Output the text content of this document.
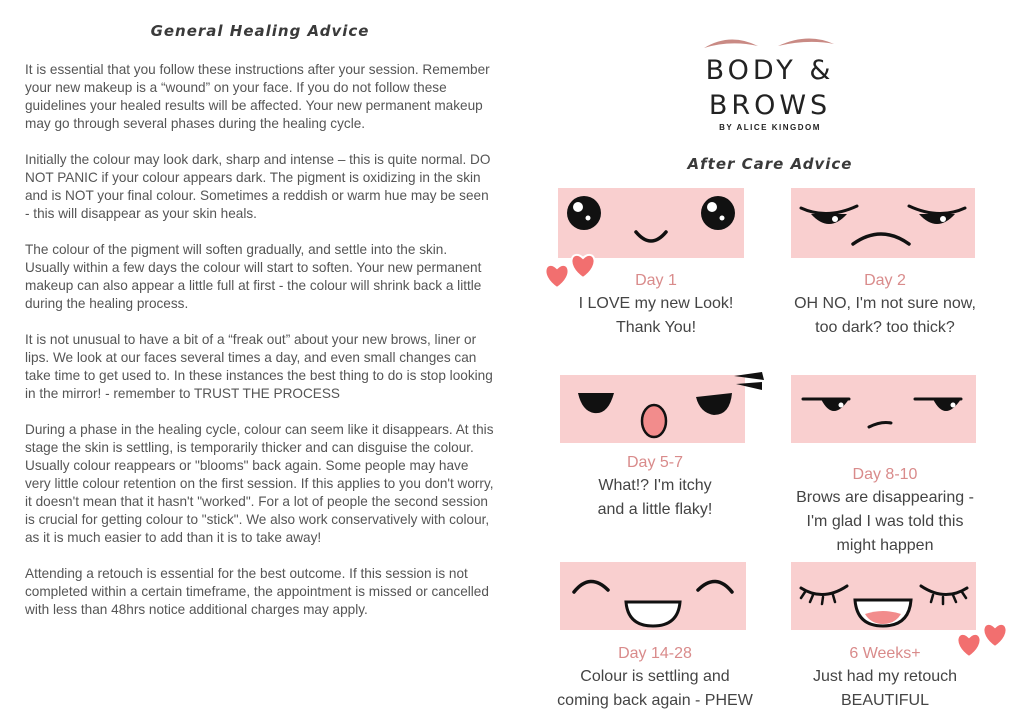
General Healing Advice

It is essential that you follow these instructions after your session. Remember your new makeup is a “wound” on your face. If you do not follow these guidelines your healed results will be affected. Your new permanent makeup may go through several phases during the healing cycle.

Initially the colour may look dark, sharp and intense – this is quite normal. DO NOT PANIC if your colour appears dark. The pigment is oxidizing in the skin and is NOT your final colour. Sometimes a reddish or warm hue may be seen - this will disappear as your skin heals.

The colour of the pigment will soften gradually, and settle into the skin. Usually within a few days the colour will start to soften. Your new permanent makeup can also appear a little full at first - the colour will shrink back a little during the healing process.

It is not unusual to have a bit of a “freak out” about your new brows, liner or lips. We look at our faces several times a day, and even small changes can take time to get used to. In these instances the best thing to do is stop looking in the mirror! - remember to TRUST THE PROCESS

During a phase in the healing cycle, colour can seem like it disappears. At this stage the skin is settling, is temporarily thicker and can disguise the colour. Usually colour reappears or "blooms" back again. Some people may have very little colour retention on the first session. If this applies to you don't worry, it doesn't mean that it hasn't "worked". For a lot of people the second session is crucial for getting colour to "stick". We also work conservatively with colour, as it is much easier to add than it is to take away!

Attending a retouch is essential for the best outcome. If this session is not completed within a certain timeframe, the appointment is missed or cancelled with less than 48hrs notice additional charges may apply.

BODY &
BROWS
BY ALICE KINGDOM
After Care Advice
Day 1
I LOVE my new Look!
Thank You!
Day 2
OH NO, I'm not sure now,
too dark? too thick?
Day 5-7
What!? I'm itchy
and a little flaky!
Day 8-10
Brows are disappearing -
I'm glad I was told this
might happen
Day 14-28
Colour is settling and
coming back again - PHEW
6 Weeks+
Just had my retouch
BEAUTIFUL
